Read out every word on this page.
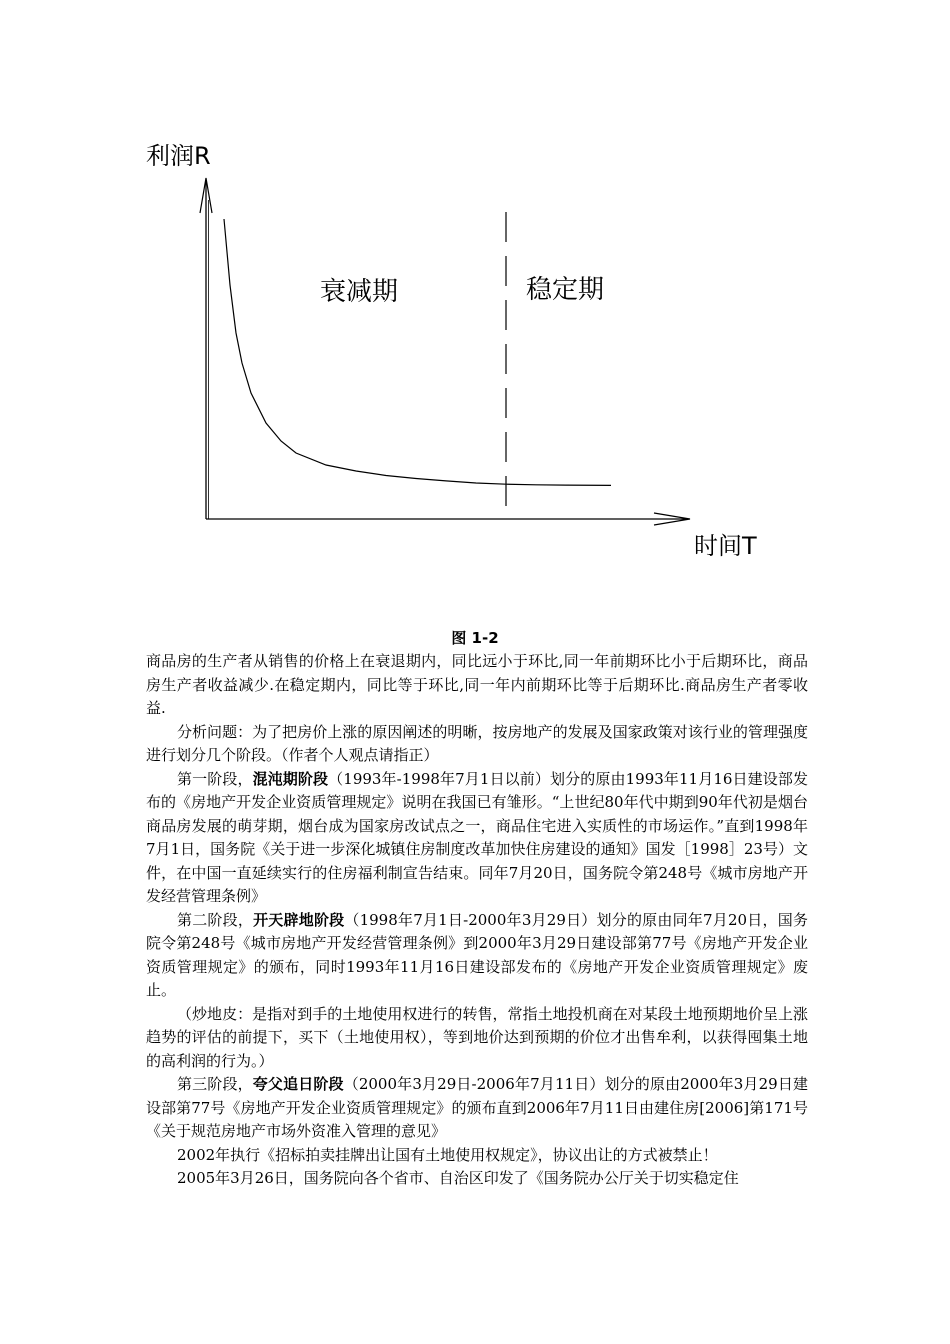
利润R
时间T
衰减期	稳定期
图 1-2

商品房的生产者从销售的价格上在衰退期内，同比远小于环比,同一年前期环比小于后期环比，商品房生产者收益减少.在稳定期内，同比等于环比,同一年内前期环比等于后期环比.商品房生产者零收益.

分析问题：为了把房价上涨的原因阐述的明晰，按房地产的发展及国家政策对该行业的管理强度进行划分几个阶段。（作者个人观点请指正）

第一阶段，混沌期阶段（1993年-1998年7月1日以前）划分的原由1993年11月16日建设部发布的《房地产开发企业资质管理规定》说明在我国已有雏形。“上世纪80年代中期到90年代初是烟台商品房发展的萌芽期，烟台成为国家房改试点之一，商品住宅进入实质性的市场运作。”直到1998年7月1日，国务院《关于进一步深化城镇住房制度改革加快住房建设的通知》国发［1998］23号）文件，在中国一直延续实行的住房福利制宣告结束。同年7月20日，国务院令第248号《城市房地产开发经营管理条例》

第二阶段，开天辟地阶段（1998年7月1日-2000年3月29日）划分的原由同年7月20日，国务院令第248号《城市房地产开发经营管理条例》到2000年3月29日建设部第77号《房地产开发企业资质管理规定》的颁布，同时1993年11月16日建设部发布的《房地产开发企业资质管理规定》废止。

（炒地皮：是指对到手的土地使用权进行的转售，常指土地投机商在对某段土地预期地价呈上涨趋势的评估的前提下，买下（土地使用权），等到地价达到预期的价位才出售牟利，以获得囤集土地的高利润的行为。）

第三阶段，夸父追日阶段（2000年3月29日-2006年7月11日）划分的原由2000年3月29日建设部第77号《房地产开发企业资质管理规定》的颁布直到2006年7月11日由建住房[2006]第171号《关于规范房地产市场外资准入管理的意见》

2002年执行《招标拍卖挂牌出让国有土地使用权规定》，协议出让的方式被禁止！

2005年3月26日，国务院向各个省市、自治区印发了《国务院办公厅关于切实稳定住
